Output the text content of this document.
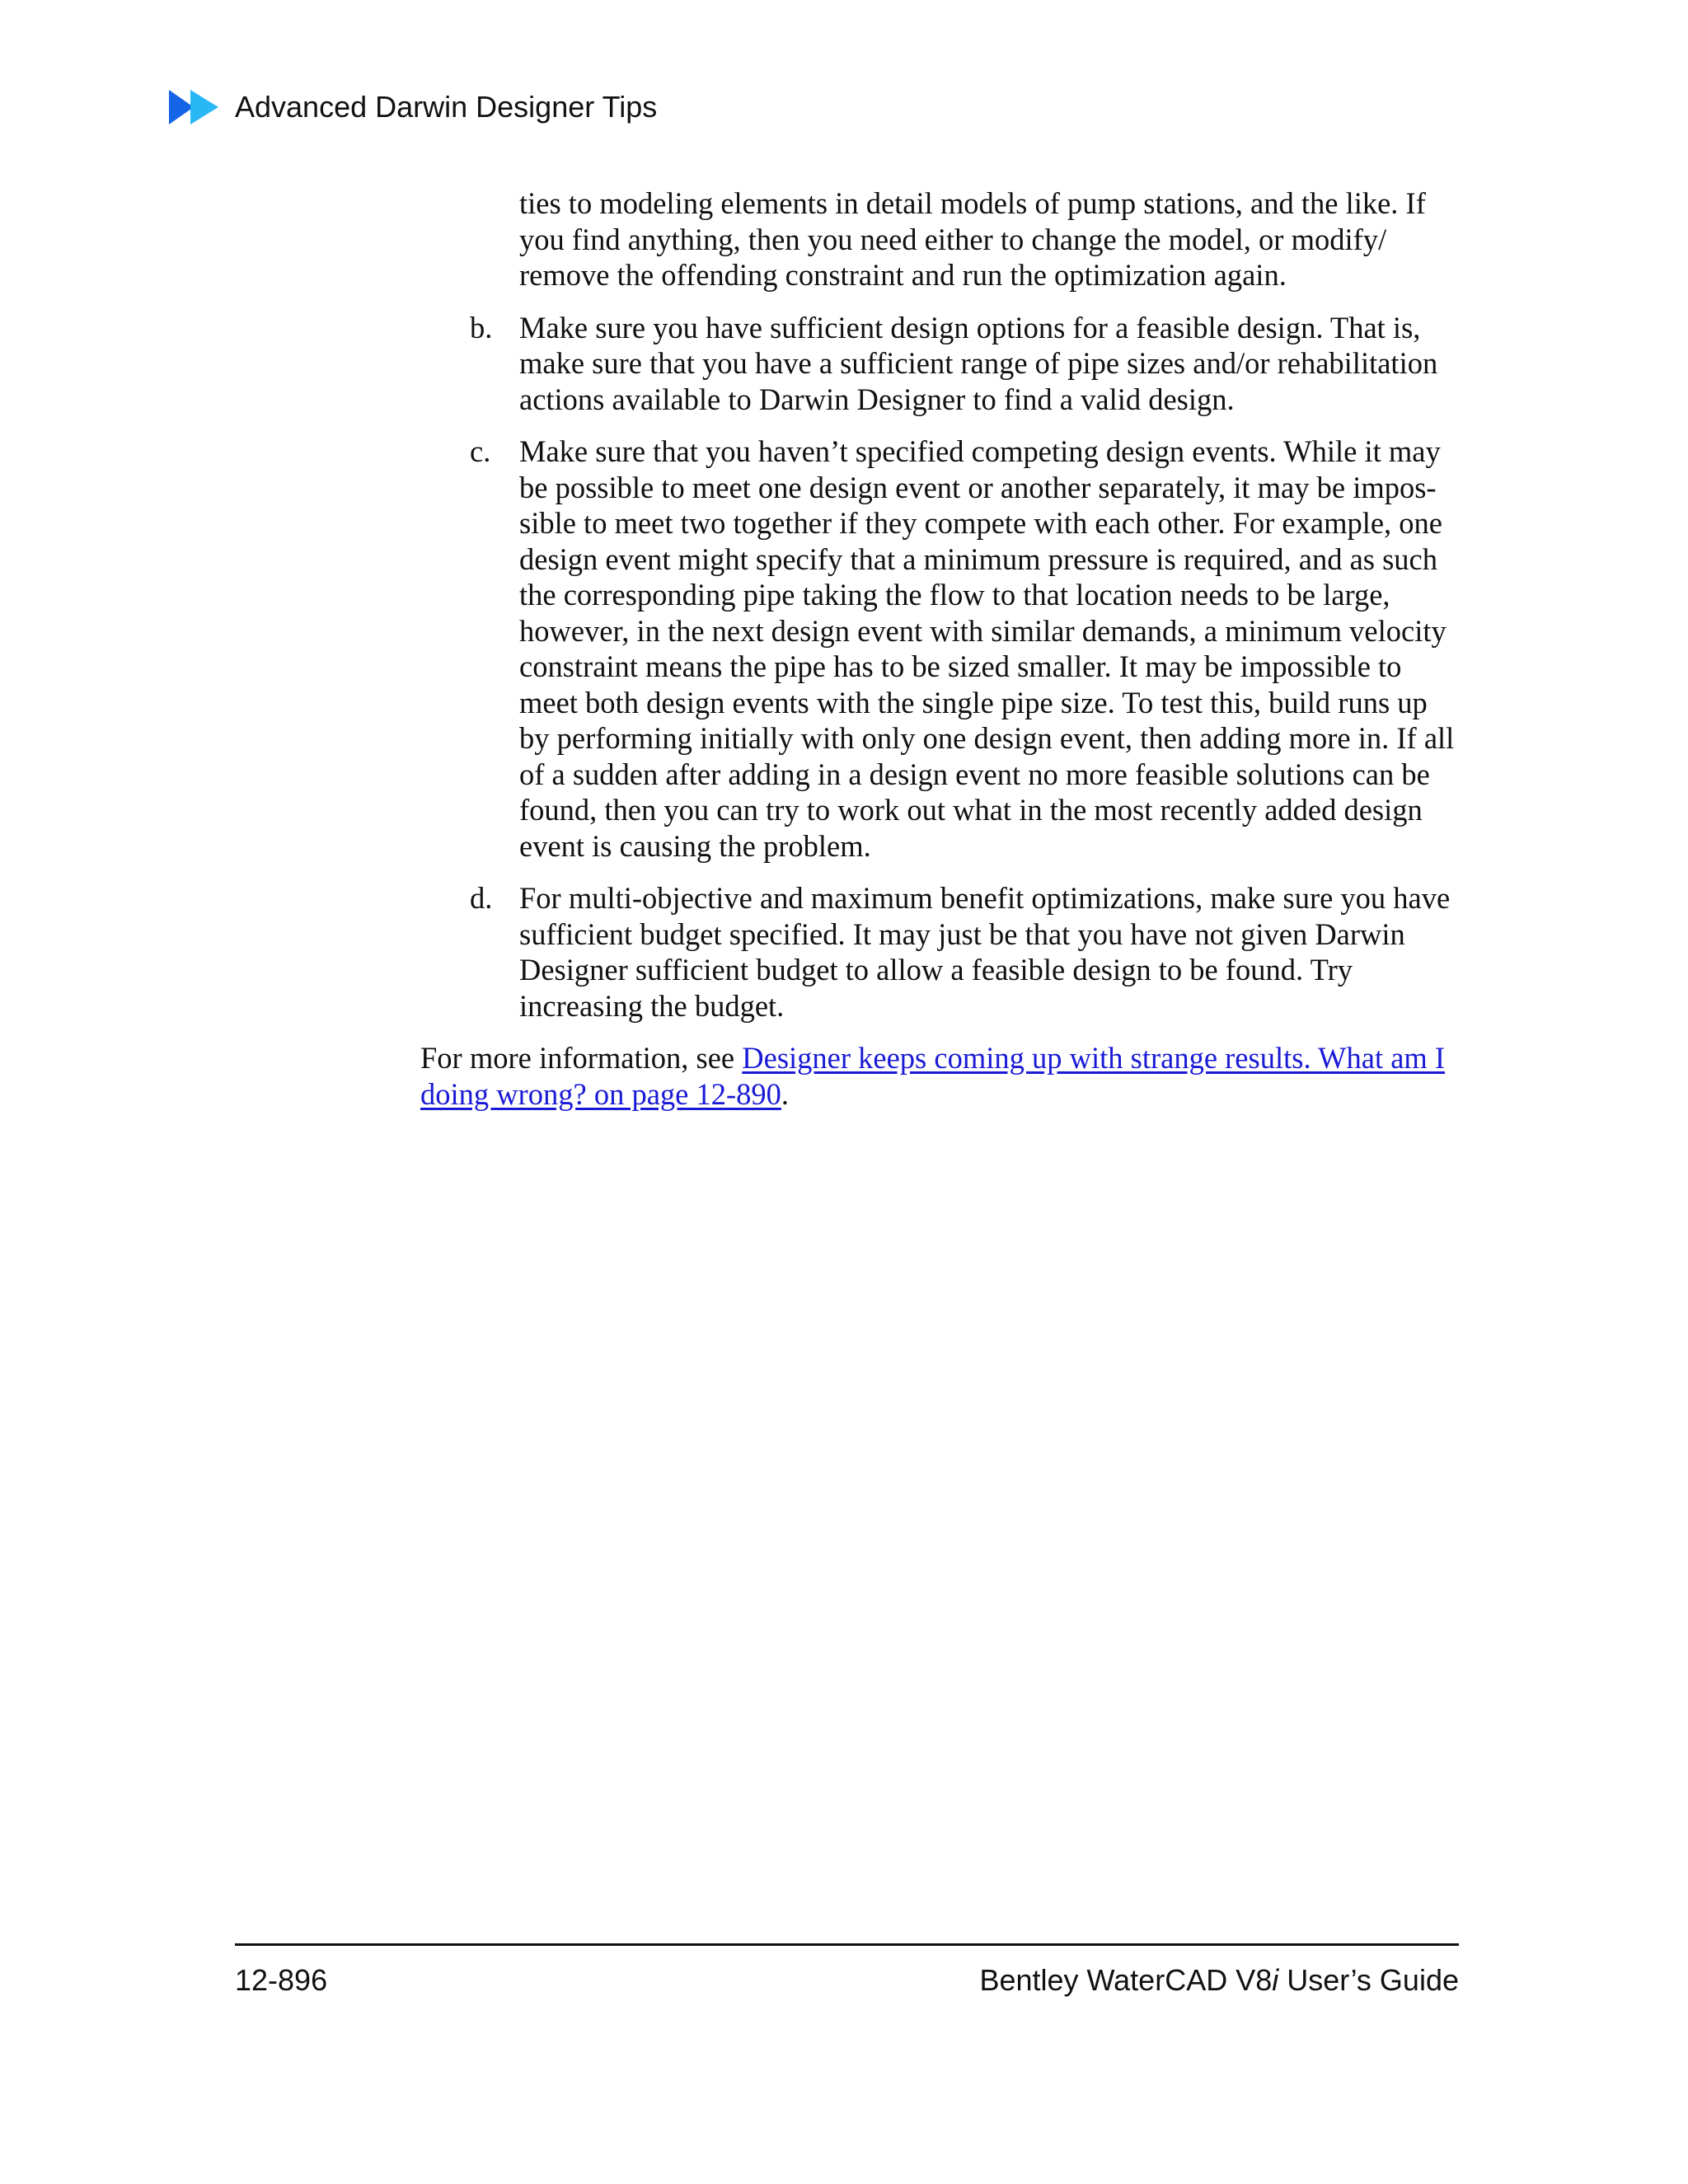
Advanced Darwin Designer Tips
ties to modeling elements in detail models of pump stations, and the like. If you find anything, then you need either to change the model, or modify/ remove the offending constraint and run the optimization again.
b. Make sure you have sufficient design options for a feasible design. That is, make sure that you have a sufficient range of pipe sizes and/or rehabilitation actions available to Darwin Designer to find a valid design.
c. Make sure that you haven’t specified competing design events. While it may be possible to meet one design event or another separately, it may be impos-sible to meet two together if they compete with each other. For example, one design event might specify that a minimum pressure is required, and as such the corresponding pipe taking the flow to that location needs to be large, however, in the next design event with similar demands, a minimum velocity constraint means the pipe has to be sized smaller. It may be impossible to meet both design events with the single pipe size. To test this, build runs up by performing initially with only one design event, then adding more in. If all of a sudden after adding in a design event no more feasible solutions can be found, then you can try to work out what in the most recently added design event is causing the problem.
d. For multi-objective and maximum benefit optimizations, make sure you have sufficient budget specified. It may just be that you have not given Darwin Designer sufficient budget to allow a feasible design to be found. Try increasing the budget.

For more information, see Designer keeps coming up with strange results. What am I doing wrong? on page 12-890.

12-896	Bentley WaterCAD V8i User’s Guide
